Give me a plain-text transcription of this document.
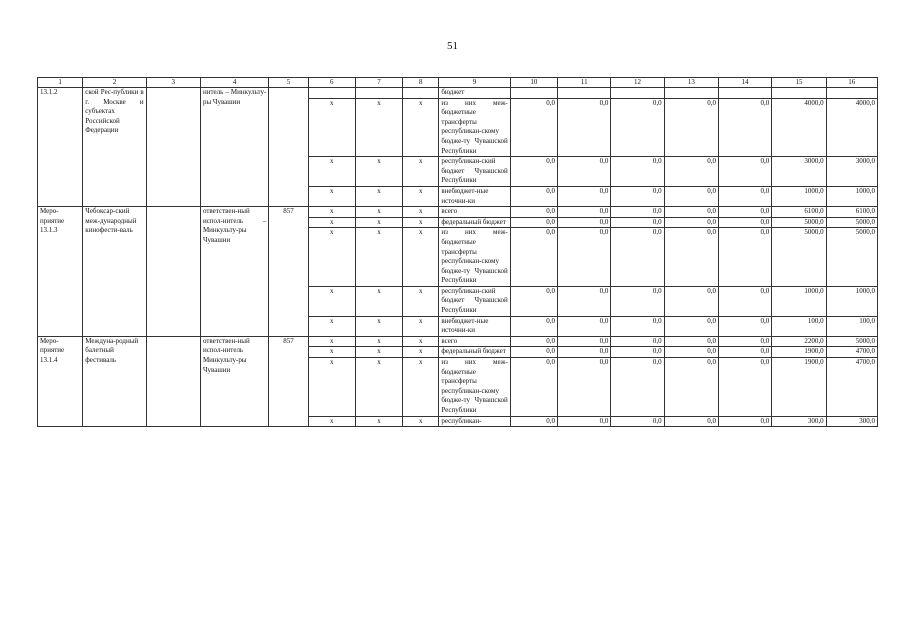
51
1	2	3	4	5	6	7	8	9	10	11	12	13	14	15	16
13.1.2	ской Рес-публики в г. Москве и субъектах Российской Федерации		нитель – Минкульту-ры Чувашии					бюджет							
					х	х	х	из них меж-бюджетные трансферты республикан-скому бюдже-ту Чувашской Республики	0,0	0,0	0,0	0,0	0,0	4000,0	4000,0
					х	х	х	республикан-ский бюджет Чувашской Республики	0,0	0,0	0,0	0,0	0,0	3000,0	3000,0
					х	х	х	внебюджет-ные источни-ки	0,0	0,0	0,0	0,0	0,0	1000,0	1000,0
Меро-приятие 13.1.3	Чебоксар-ский меж-дународный кинофести-валь		ответствен-ный испол-нитель – Минкульту-ры Чувашии	857	х	х	х	всего	0,0	0,0	0,0	0,0	0,0	6100,0	6100,0
					х	х	х	федеральный бюджет	0,0	0,0	0,0	0,0	0,0	5000,0	5000,0
					х	х	х	из них меж-бюджетные трансферты республикан-скому бюдже-ту Чувашской Республики	0,0	0,0	0,0	0,0	0,0	5000,0	5000,0
					х	х	х	республикан-ский бюджет Чувашской Республики	0,0	0,0	0,0	0,0	0,0	1000,0	1000,0
					х	х	х	внебюджет-ные источни-ки	0,0	0,0	0,0	0,0	0,0	100,0	100,0
Меро-приятие 13.1.4	Междуна-родный балетный фестиваль		ответствен-ный испол-нитель Минкульту-ры Чувашии	857	х	х	х	всего	0,0	0,0	0,0	0,0	0,0	2200,0	5000,0
					х	х	х	федеральный бюджет	0,0	0,0	0,0	0,0	0,0	1900,0	4700,0
					х	х	х	из них меж-бюджетные трансферты республикан-скому бюдже-ту Чувашской Республики	0,0	0,0	0,0	0,0	0,0	1900,0	4700,0
					х	х	х	республикан-	0,0	0,0	0,0	0,0	0,0	300,0	300,0
